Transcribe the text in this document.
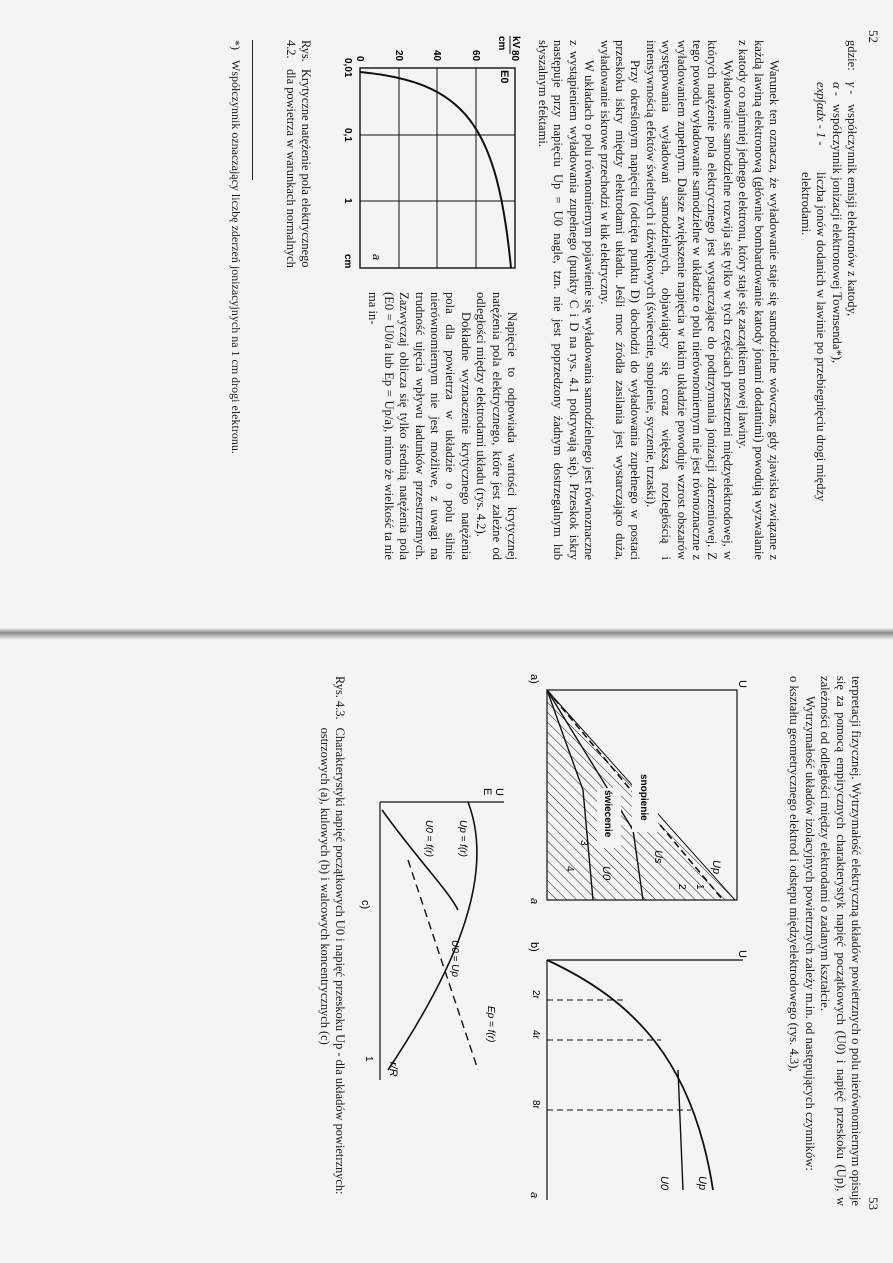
52
gdzie:
γ -
współczynnik emisji elektronów z katody,
α -
współczynnik jonizacji elektronowej Townsenda*),
exp∫αdx - 1 -
liczba jonów dodanich w lawinie po przebiegnięciu drogi między elektrodami.

Warunek ten oznacza, że wyładowanie staje się samodzielne wówczas, gdy zjawiska związane z każdą lawiną elektronową (głównie bombardowanie katody jonami dodatnimi) powodują wyzwalanie z katody co najmniej jednego elektronu, który staje się zaczątkiem nowej lawiny.

Wyładowanie samodzielne rozwija się tylko w tych częściach przestrzeni międzyelektrodowej, w których natężenie pola elektrycznego jest wystarczające do podtrzymania jonizacji zderzeniowej. Z tego powodu wyładowanie samodzielne w układzie o polu nierównomiernym nie jest równoznaczne z wyładowaniem zupełnym. Dalsze zwiększenie napięcia w takim układzie powoduje wzrost obszarów występowania wyładowań samodzielnych, objawiający się coraz większą rozległością i intensywnością efektów świetlnych i dźwiękowych (świecenie, snopienie, syczenie, trzaski).

Przy określonym napięciu (odcięta punktu D) dochodzi do wyładowania zupełnego w postaci przeskoku iskry między elektrodami układu. Jeśli moc źródła zasilania jest wystarczająco duża, wyładowanie iskrowe przechodzi w łuk elektryczny.

W układach o polu równomiernym pojawienie się wyładowania samodzielnego jest równoznaczne z wystąpieniem wyładowania zupełnego (punkty C i D na rys. 4.1 pokrywają się). Przeskok iskry następuje przy napięciu Up = U0 nagle, tzn. nie jest poprzedzony żadnym dostrzegalnym lub słyszalnym efektami.

kV
cm
E0
0	20	40	60	80
0,01
0,1
1
a
cm
Rys. 4.2.
Krytyczne natężenie pola elektrycznego dla powietrza w warunkach normalnych

Napięcie to odpowiada wartości krytycznej natężenia pola elektrycznego, które jest zależne od odległości między elektrodami układu (rys. 4.2).

Dokładne wyznaczenie krytycznego natężenia pola dla powietrza w układzie o polu silnie nierównomiernym nie jest możliwe, z uwagi na trudność ujęcia wpływu ładunków przestrzennych. Zazwyczaj oblicza się tylko średnią natężenia pola (E0 = U0/a lub Ep = Up/a), mimo że wielkość ta nie ma in-

*)
Współczynnik oznaczający liczbę zderzeń jonizacyjnych na 1 cm drogi elektronu.
53

terpretacji fizycznej. Wytrzymałość elektryczną układów powietrznych o polu nierównomiernym opisuje się za pomocą empirycznych charakterystyk napięć początkowych (U0) i napięć przeskoku (Up), w zależności od odległości między elektrodami o zadanym kształcie.

Wytrzymałość układów izolacyjnych powietrznych zależy m.in. od następujących czynników:

o kształtu geometrycznego elektrod i odstępu międzyelektrodowego (rys. 4.3),

U
Up
snopienie
Us
świecenie
U0
1
2
3
4
a
a)
U
2r
4r
8r
Up
U0
a
b)
U
E
Up = f(r)
U0 = f(r)
U0 = Up
Ep = f(r)
1
r/R
c)
Rys. 4.3.
Charakterystyki napięć początkowych U0 i napięć przeskoku Up - dla układów powietrznych: ostrzowych (a), kulowych (b) i walcowych koncentrycznych (c)
